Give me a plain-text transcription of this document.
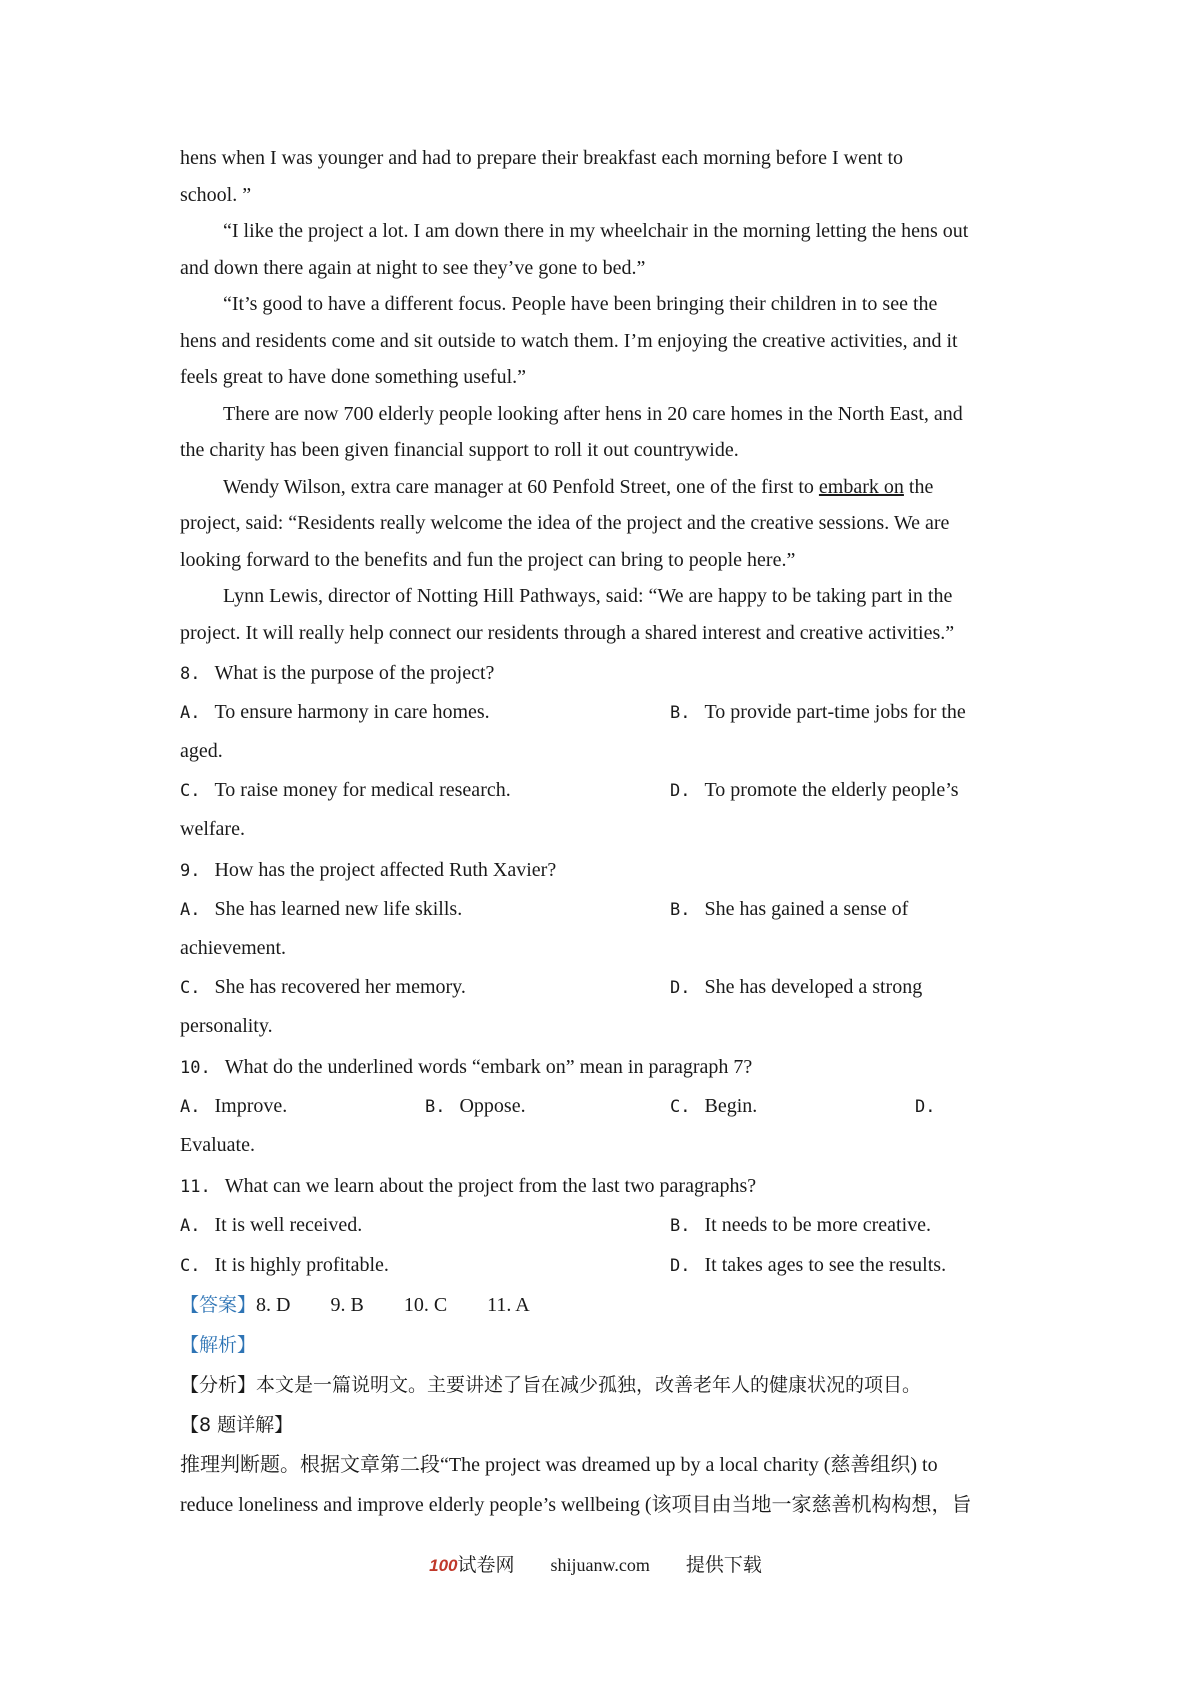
hens when I was younger and had to prepare their breakfast each morning before I went to
school. ”
“I like the project a lot. I am down there in my wheelchair in the morning letting the hens out
and down there again at night to see they’ve gone to bed.”
“It’s good to have a different focus. People have been bringing their children in to see the
hens and residents come and sit outside to watch them. I’m enjoying the creative activities, and it
feels great to have done something useful.”
There are now 700 elderly people looking after hens in 20 care homes in the North East, and
the charity has been given financial support to roll it out countrywide.
Wendy Wilson, extra care manager at 60 Penfold Street, one of the first to embark on the
project, said: “Residents really welcome the idea of the project and the creative sessions. We are
looking forward to the benefits and fun the project can bring to people here.”
Lynn Lewis, director of Notting Hill Pathways, said: “We are happy to be taking part in the
project. It will really help connect our residents through a shared interest and creative activities.”
8. What is the purpose of the project?
A. To ensure harmony in care homes.	B. To provide part-time jobs for the
aged.
C. To raise money for medical research.	D. To promote the elderly people’s
welfare.
9. How has the project affected Ruth Xavier?
A. She has learned new life skills.	B. She has gained a sense of
achievement.
C. She has recovered her memory.	D. She has developed a strong
personality.
10. What do the underlined words “embark on” mean in paragraph 7?
A. Improve.	B. Oppose.	C. Begin.	D.
Evaluate.
11. What can we learn about the project from the last two paragraphs?
A. It is well received.	B. It needs to be more creative.
C. It is highly profitable.	D. It takes ages to see the results.
【答案】8. D 9. B 10. C 11. A
【解析】
【分析】本文是一篇说明文。主要讲述了旨在减少孤独，改善老年人的健康状况的项目。
【8 题详解】
推理判断题。根据文章第二段“The project was dreamed up by a local charity (慈善组织) to
reduce loneliness and improve elderly people’s wellbeing (该项目由当地一家慈善机构构想，旨
100试卷网 shijuanw.com 提供下载
